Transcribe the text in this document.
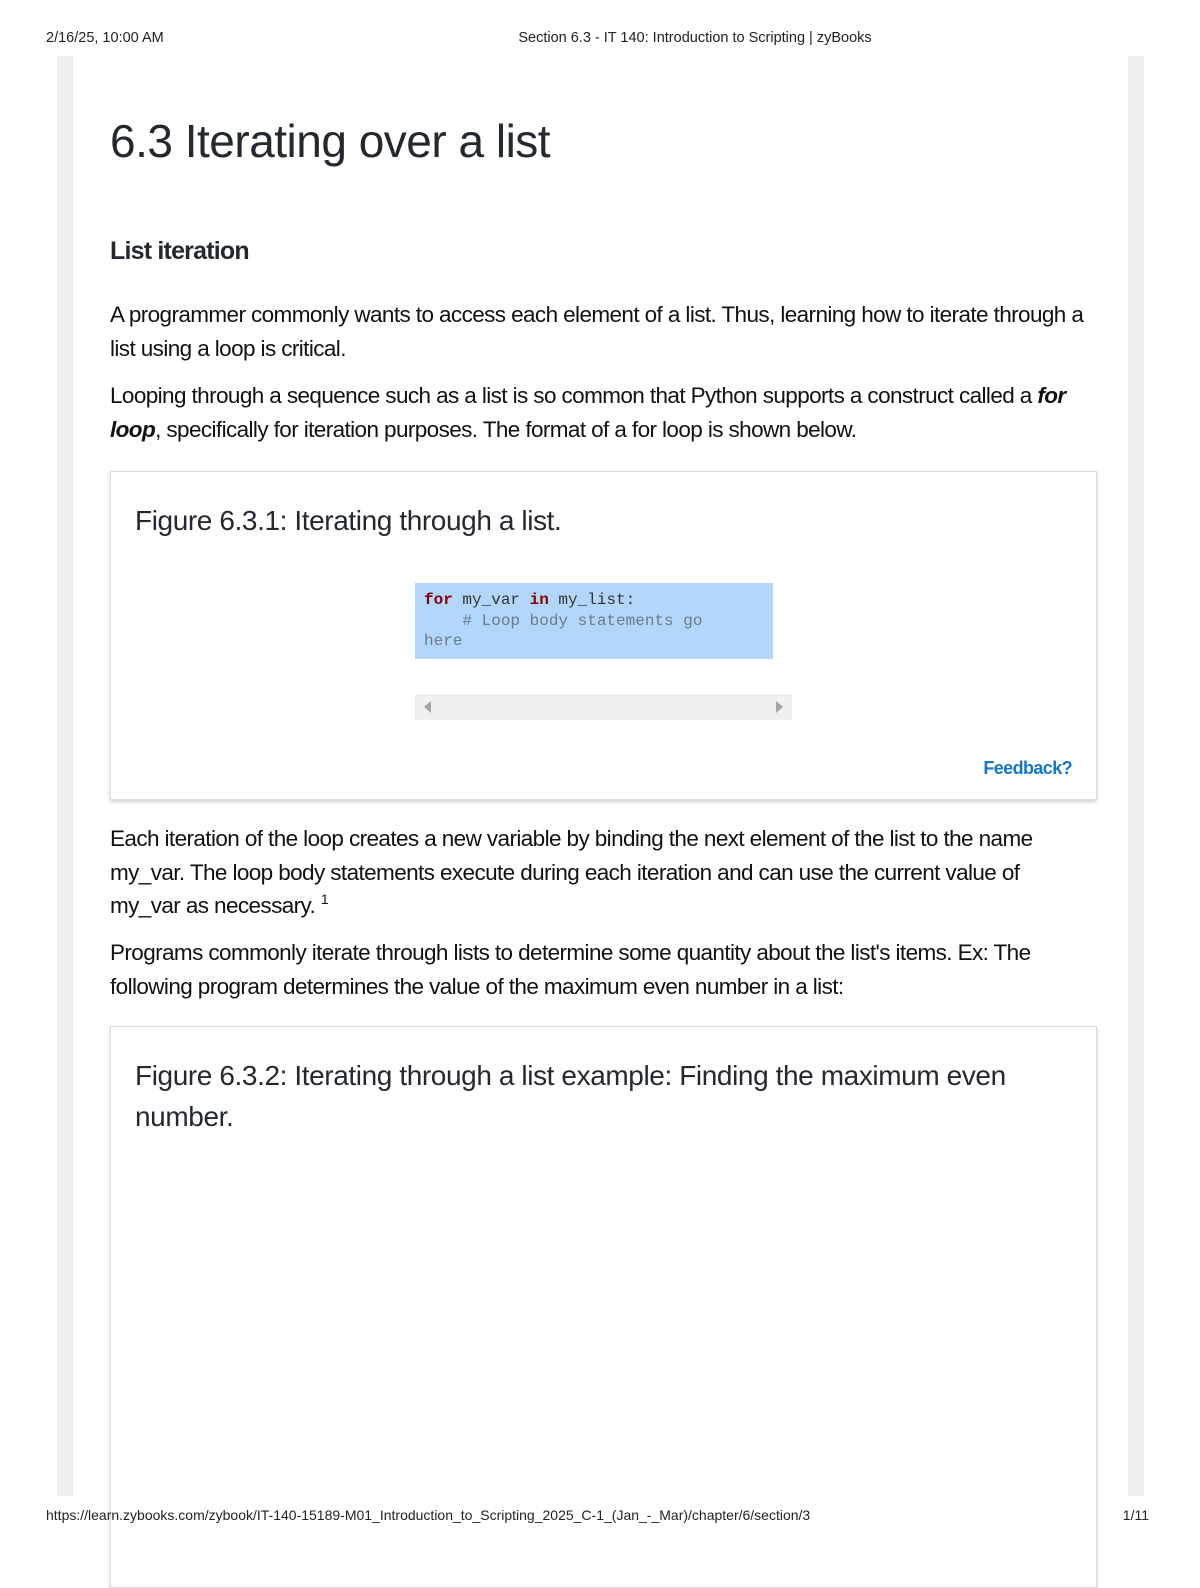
2/16/25, 10:00 AM	Section 6.3 - IT 140: Introduction to Scripting | zyBooks
6.3 Iterating over a list
List iteration

A programmer commonly wants to access each element of a list. Thus, learning how to iterate through a list using a loop is critical.

Looping through a sequence such as a list is so common that Python supports a construct called a for loop, specifically for iteration purposes. The format of a for loop is shown below.

Figure 6.3.1: Iterating through a list.
for my_var in my_list:
# Loop body statements go
here
Feedback?

Each iteration of the loop creates a new variable by binding the next element of the list to the name my_var. The loop body statements execute during each iteration and can use the current value of my_var as necessary. $^1$

Programs commonly iterate through lists to determine some quantity about the list's items. Ex: The following program determines the value of the maximum even number in a list:

Figure 6.3.2: Iterating through a list example: Finding the maximum even number.
https://learn.zybooks.com/zybook/IT-140-15189-M01_Introduction_to_Scripting_2025_C-1_(Jan_-_Mar)/chapter/6/section/3	1/11
